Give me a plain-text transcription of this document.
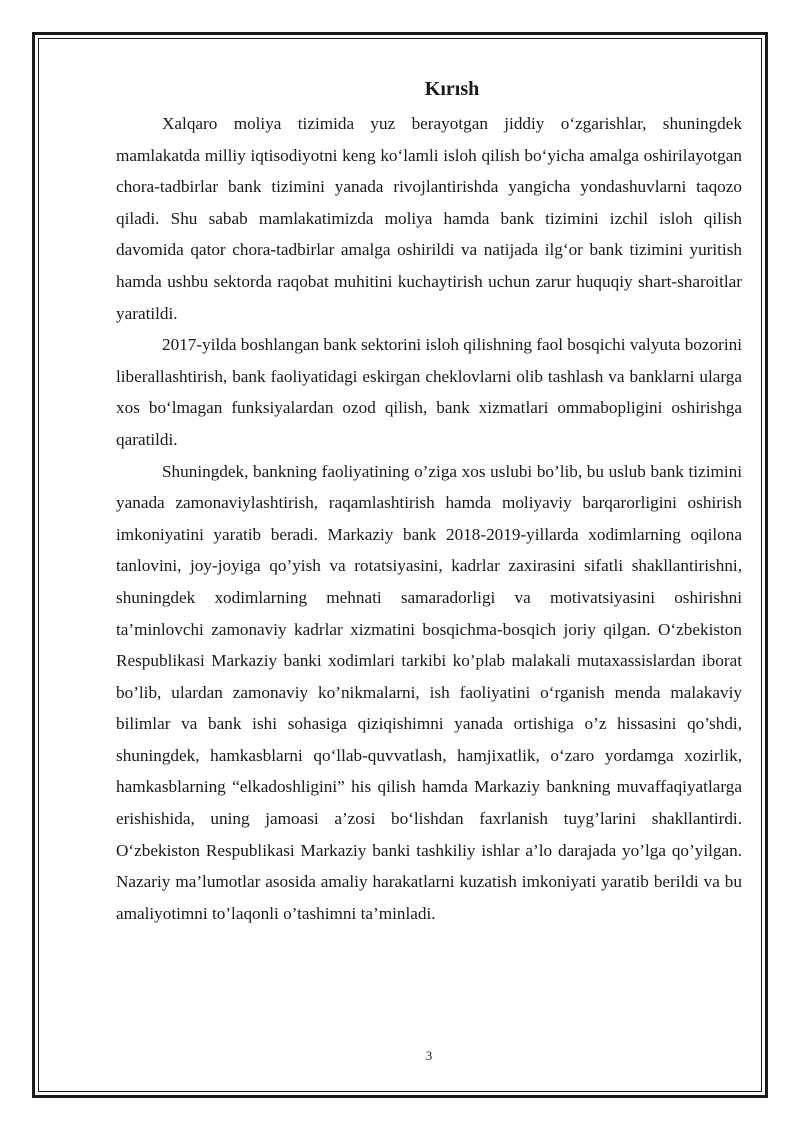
Kırısh

Xalqaro moliya tizimida yuz berayotgan jiddiy o‘zgarishlar, shuningdek mamlakatda milliy iqtisodiyotni keng ko‘lamli isloh qilish bo‘yicha amalga oshirilayotgan chora-tadbirlar bank tizimini yanada rivojlantirishda yangicha yondashuvlarni taqozo qiladi. Shu sabab mamlakatimizda moliya hamda bank tizimini izchil isloh qilish davomida qator chora-tadbirlar amalga oshirildi va natijada ilg‘or bank tizimini yuritish hamda ushbu sektorda raqobat muhitini kuchaytirish uchun zarur huquqiy shart-sharoitlar yaratildi.

2017-yilda boshlangan bank sektorini isloh qilishning faol bosqichi valyuta bozorini liberallashtirish, bank faoliyatidagi eskirgan cheklovlarni olib tashlash va banklarni ularga xos bo‘lmagan funksiyalardan ozod qilish, bank xizmatlari ommabopligini oshirishga qaratildi.

Shuningdek, bankning faoliyatining o’ziga xos uslubi bo’lib, bu uslub bank tizimini yanada zamonaviylashtirish, raqamlashtirish hamda moliyaviy barqarorligini oshirish imkoniyatini yaratib beradi. Markaziy bank 2018-2019-yillarda xodimlarning oqilona tanlovini, joy-joyiga qo’yish va rotatsiyasini, kadrlar zaxirasini sifatli shakllantirishni, shuningdek xodimlarning mehnati samaradorligi va motivatsiyasini oshirishni ta’minlovchi zamonaviy kadrlar xizmatini bosqichma-bosqich joriy qilgan. O‘zbekiston Respublikasi Markaziy banki xodimlari tarkibi ko’plab malakali mutaxassislardan iborat bo’lib, ulardan zamonaviy ko’nikmalarni, ish faoliyatini o‘rganish menda malakaviy bilimlar va bank ishi sohasiga qiziqishimni yanada ortishiga o’z hissasini qo’shdi, shuningdek, hamkasblarni qo‘llab-quvvatlash, hamjixatlik, o‘zaro yordamga xozirlik, hamkasblarning “elkadoshligini” his qilish hamda Markaziy bankning muvaffaqiyatlarga erishishida, uning jamoasi a’zosi bo‘lishdan faxrlanish tuyg’larini shakllantirdi. O‘zbekiston Respublikasi Markaziy banki tashkiliy ishlar a’lo darajada yo’lga qo’yilgan. Nazariy ma’lumotlar asosida amaliy harakatlarni kuzatish imkoniyati yaratib berildi va bu amaliyotimni to’laqonli o’tashimni ta’minladi.

3
